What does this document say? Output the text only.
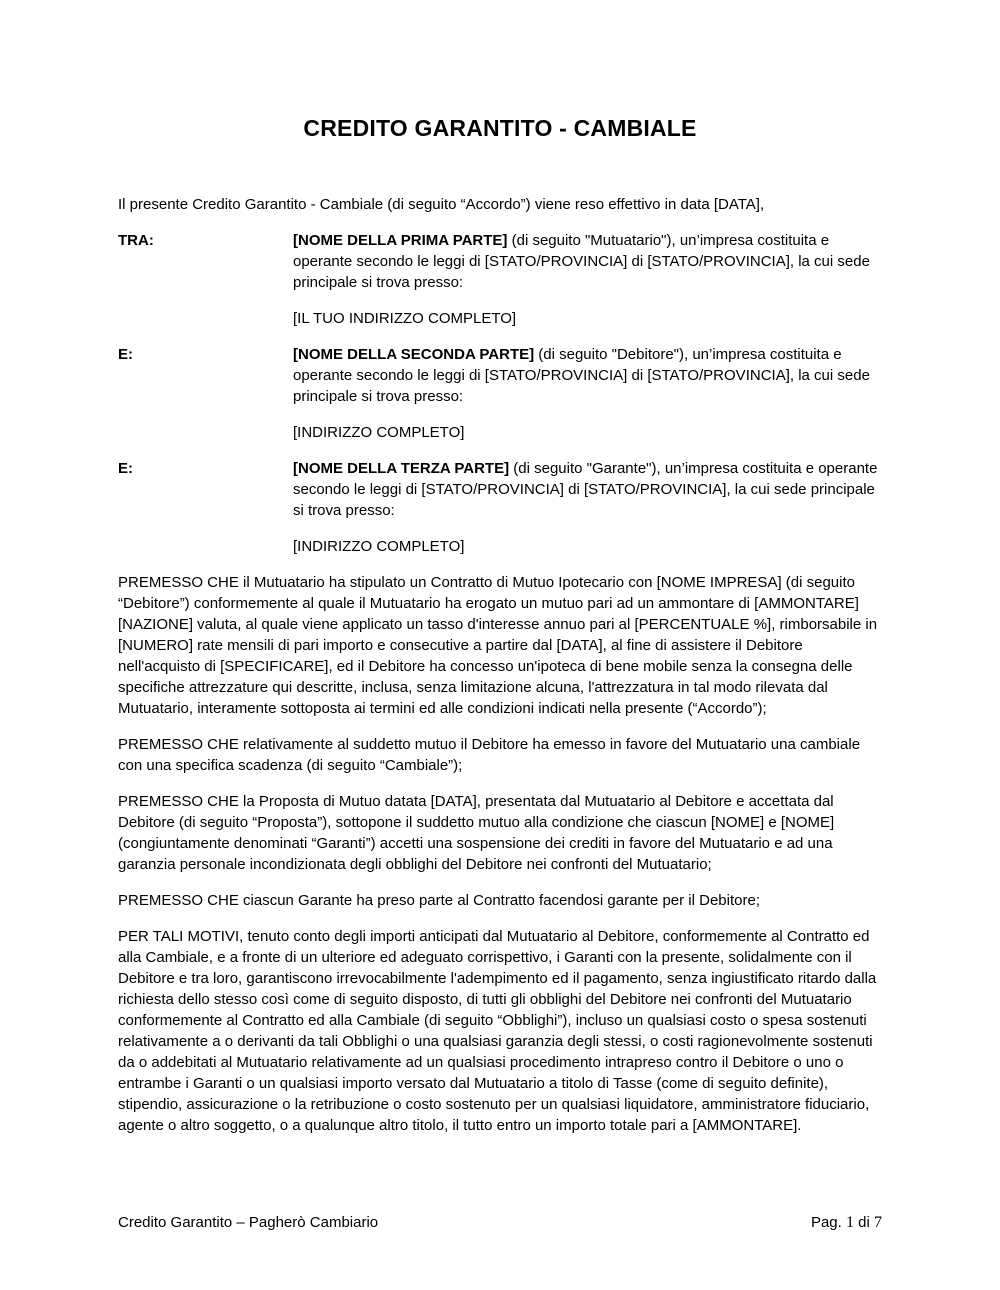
CREDITO GARANTITO - CAMBIALE

Il presente Credito Garantito - Cambiale (di seguito “Accordo”) viene reso effettivo in data [DATA],

TRA:	[NOME DELLA PRIMA PARTE] (di seguito "Mutuatario"), un’impresa costituita e operante secondo le leggi di [STATO/PROVINCIA] di [STATO/PROVINCIA], la cui sede principale si trova presso:

[IL TUO INDIRIZZO COMPLETO]

E:	[NOME DELLA SECONDA PARTE] (di seguito "Debitore"), un’impresa costituita e operante secondo le leggi di [STATO/PROVINCIA] di [STATO/PROVINCIA], la cui sede principale si trova presso:

[INDIRIZZO COMPLETO]

E:	[NOME DELLA TERZA PARTE] (di seguito "Garante"), un’impresa costituita e operante secondo le leggi di [STATO/PROVINCIA] di [STATO/PROVINCIA], la cui sede principale si trova presso:

[INDIRIZZO COMPLETO]

PREMESSO CHE il Mutuatario ha stipulato un Contratto di Mutuo Ipotecario con [NOME IMPRESA] (di seguito “Debitore”) conformemente al quale il Mutuatario ha erogato un mutuo pari ad un ammontare di [AMMONTARE] [NAZIONE] valuta, al quale viene applicato un tasso d'interesse annuo pari al [PERCENTUALE %], rimborsabile in [NUMERO] rate mensili di pari importo e consecutive a partire dal [DATA], al fine di assistere il Debitore nell'acquisto di [SPECIFICARE], ed il Debitore ha concesso un'ipoteca di bene mobile senza la consegna delle specifiche attrezzature qui descritte, inclusa, senza limitazione alcuna, l'attrezzatura in tal modo rilevata dal Mutuatario, interamente sottoposta ai termini ed alle condizioni indicati nella presente (“Accordo”);

PREMESSO CHE relativamente al suddetto mutuo il Debitore ha emesso in favore del Mutuatario una cambiale con una specifica scadenza (di seguito “Cambiale”);

PREMESSO CHE la Proposta di Mutuo datata [DATA], presentata dal Mutuatario al Debitore e accettata dal Debitore (di seguito “Proposta”), sottopone il suddetto mutuo alla condizione che ciascun [NOME] e [NOME] (congiuntamente denominati “Garanti”) accetti una sospensione dei crediti in favore del Mutuatario e ad una garanzia personale incondizionata degli obblighi del Debitore nei confronti del Mutuatario;

PREMESSO CHE ciascun Garante ha preso parte al Contratto facendosi garante per il Debitore;

PER TALI MOTIVI, tenuto conto degli importi anticipati dal Mutuatario al Debitore, conformemente al Contratto ed alla Cambiale, e a fronte di un ulteriore ed adeguato corrispettivo, i Garanti con la presente, solidalmente con il Debitore e tra loro, garantiscono irrevocabilmente l'adempimento ed il pagamento, senza ingiustificato ritardo dalla richiesta dello stesso così come di seguito disposto, di tutti gli obblighi del Debitore nei confronti del Mutuatario conformemente al Contratto ed alla Cambiale (di seguito “Obblighi”), incluso un qualsiasi costo o spesa sostenuti relativamente a o derivanti da tali Obblighi o una qualsiasi garanzia degli stessi, o costi ragionevolmente sostenuti da o addebitati al Mutuatario relativamente ad un qualsiasi procedimento intrapreso contro il Debitore o uno o entrambe i Garanti o un qualsiasi importo versato dal Mutuatario a titolo di Tasse (come di seguito definite), stipendio, assicurazione o la retribuzione o costo sostenuto per un qualsiasi liquidatore, amministratore fiduciario, agente o altro soggetto, o a qualunque altro titolo, il tutto entro un importo totale pari a [AMMONTARE].

Credito Garantito – Pagherò Cambiario	Pag. 1 di 7
